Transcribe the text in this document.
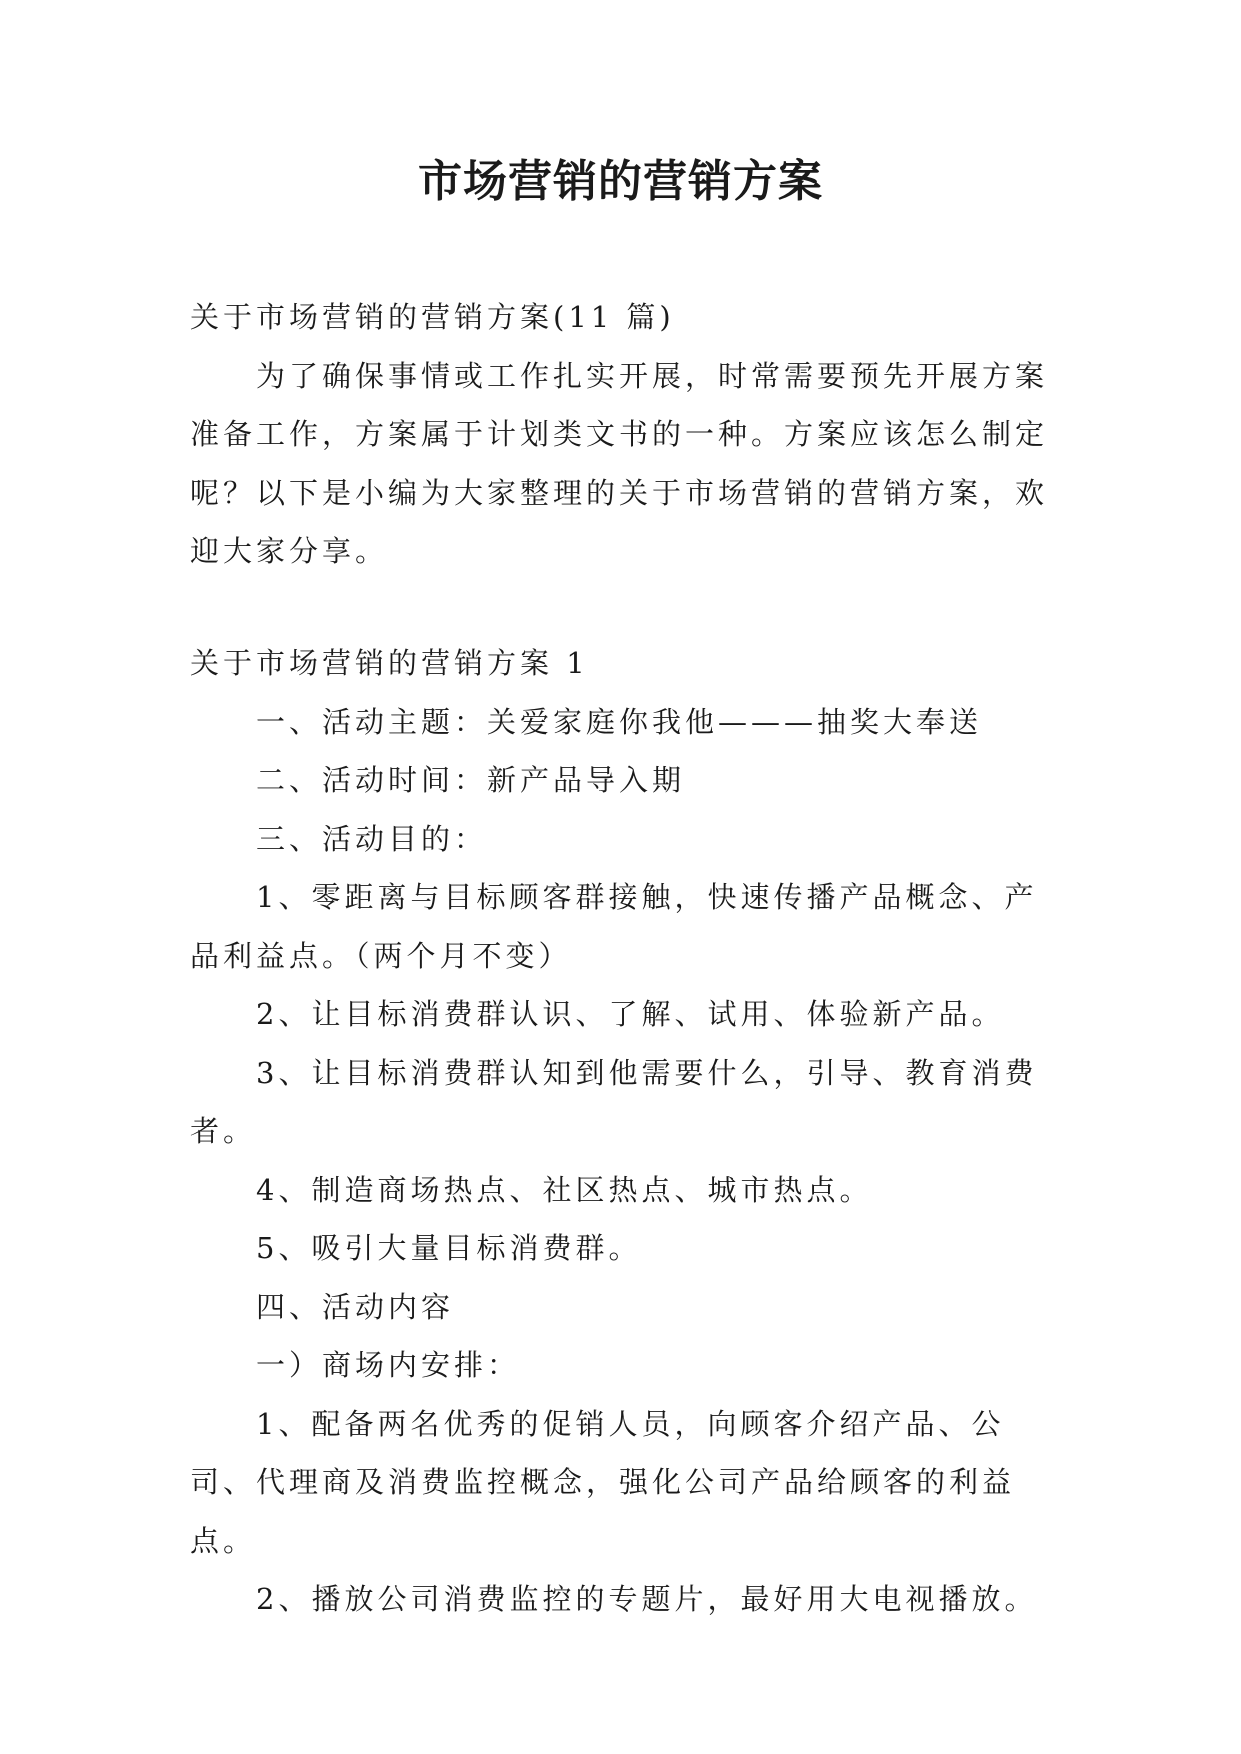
市场营销的营销方案

关于市场营销的营销方案(11 篇)

为了确保事情或工作扎实开展，时常需要预先开展方案准备工作，方案属于计划类文书的一种。方案应该怎么制定呢？以下是小编为大家整理的关于市场营销的营销方案，欢迎大家分享。

关于市场营销的营销方案 1

一、活动主题：关爱家庭你我他———抽奖大奉送

二、活动时间：新产品导入期

三、活动目的：

1、零距离与目标顾客群接触，快速传播产品概念、产品利益点。（两个月不变）

2、让目标消费群认识、了解、试用、体验新产品。

3、让目标消费群认知到他需要什么，引导、教育消费者。

4、制造商场热点、社区热点、城市热点。

5、吸引大量目标消费群。

四、活动内容

一）商场内安排：

1、配备两名优秀的促销人员，向顾客介绍产品、公司、代理商及消费监控概念，强化公司产品给顾客的利益点。

2、播放公司消费监控的专题片，最好用大电视播放。
